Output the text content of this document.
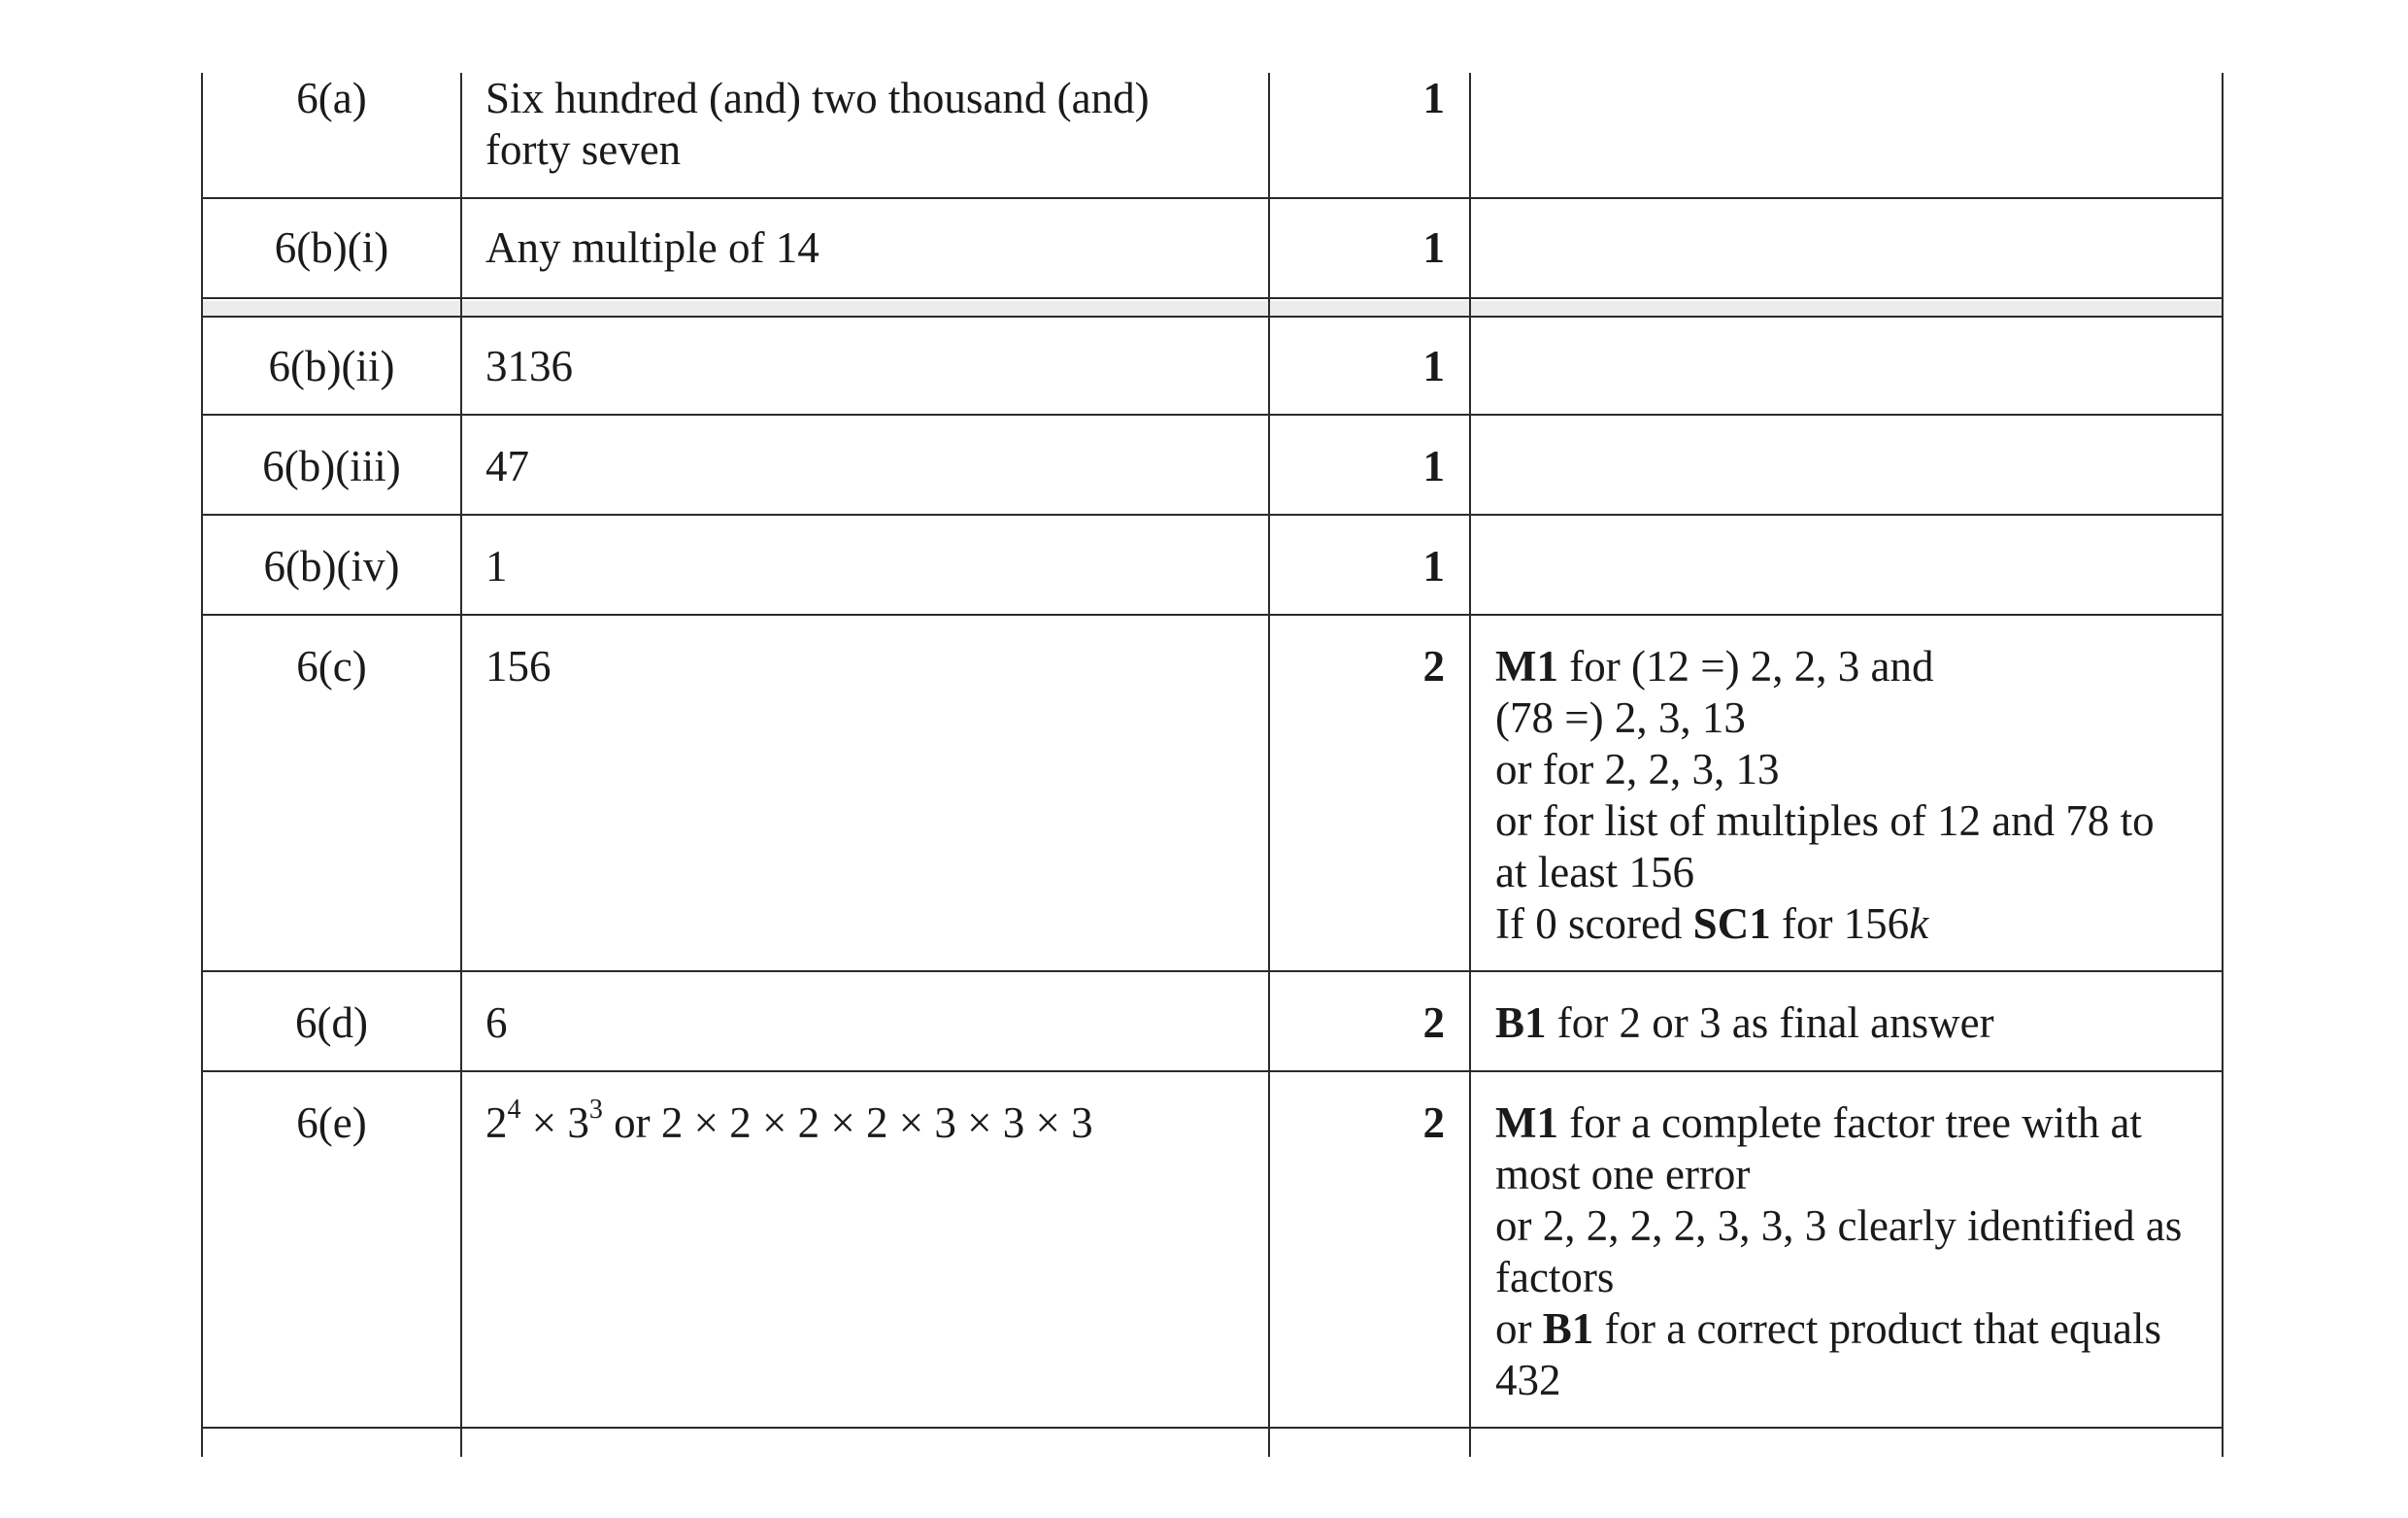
6(a)	Six hundred (and) two thousand (and)
forty seven
1
6(b)(i)	Any multiple of 14	1
6(b)(ii)	3136	1
6(b)(iii)	47	1
6(b)(iv)	1	1
6(c)	156	2 M1 for (12 =) 2, 2, 3 and
(78 =) 2, 3, 13
or for 2, 2, 3, 13
or for list of multiples of 12 and 78 to
at least 156
If 0 scored SC1 for 156k
6(d)	6	2 B1 for 2 or 3 as final answer
6(e)	$2^4 \times 3^3$ or 2 × 2 × 2 × 2 × 3 × 3 × 3	2 M1 for a complete factor tree with at
most one error
or 2, 2, 2, 2, 3, 3, 3 clearly identified as
factors
or B1 for a correct product that equals
432
